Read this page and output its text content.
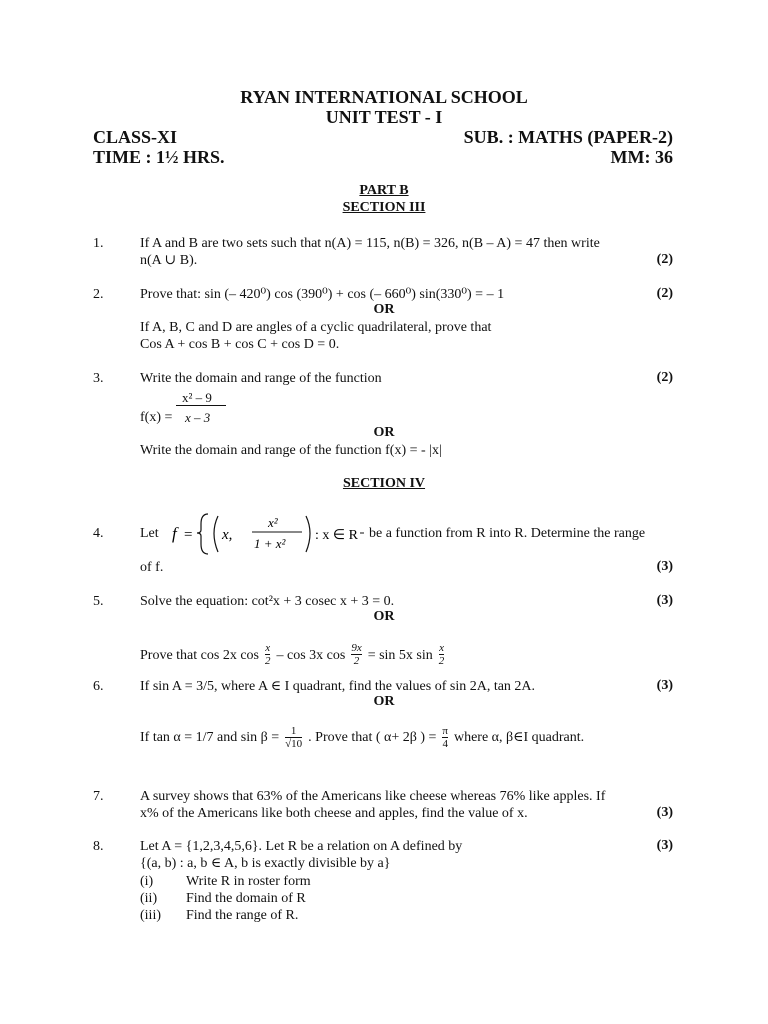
RYAN INTERNATIONAL SCHOOL
UNIT TEST - I
CLASS-XI	SUB. : MATHS (PAPER-2)
TIME : 1½ HRS.	MM: 36
PART B
SECTION III
1.	If A and B are two sets such that n(A) = 115, n(B) = 326, n(B – A) = 47 then write
n(A ∪ B).	(2)
2.	Prove that: sin (– 420⁰) cos (390⁰) + cos (– 660⁰) sin(330⁰) = – 1	(2)
OR
If A, B, C and D are angles of a cyclic quadrilateral, prove that
Cos A + cos B + cos C + cos D = 0.
3.	Write the domain and range of the function	(2)
x² – 9
f(x) = x – 3
OR
Write the domain and range of the function f(x) = - |x|
SECTION IV
4.	Let f = x,
x²
1 + x²
: x ∈ R be a function from R into R. Determine the range
of f.	(3)
5.	Solve the equation: cot²x + 3 cosec x + 3 = 0.	(3)
OR
Prove that cos 2x $\cos \frac{x}{2}$ – cos 3x $\cos \frac{9x}{2} = \sin 5x$ $\sin \frac{x}{2}$
6.	If sin A = 3/5, where A ∈ I quadrant, find the values of sin 2A, tan 2A.	(3)
OR
If tan α = 1/7 and $\sin \beta = \frac{1}{√10}$ . Prove that ( α+ 2β ) = $\frac{\pi}{4}$ where α, β∈I quadrant.
7.	A survey shows that 63% of the Americans like cheese whereas 76% like apples. If
x% of the Americans like both cheese and apples, find the value of x.	(3)
8.	Let A = {1,2,3,4,5,6}. Let R be a relation on A defined by	(3)
{(a, b) : a, b ∈ A, b is exactly divisible by a}
(i) Write R in roster form
(ii) Find the domain of R
(iii) Find the range of R.
